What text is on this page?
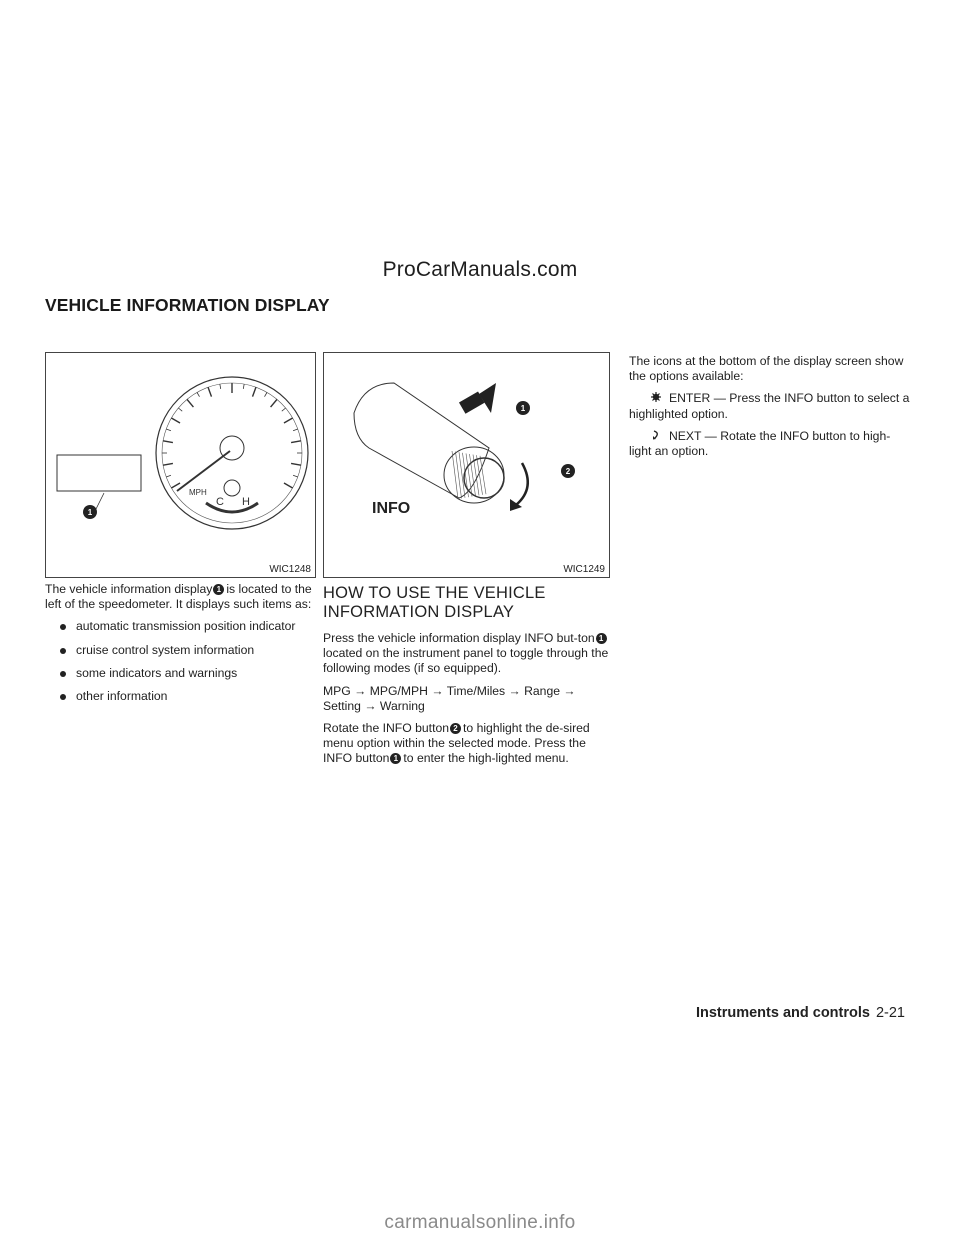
ProCarManuals.com
VEHICLE INFORMATION DISPLAY
1
MPH
C H
WIC1248
1
2
INFO
WIC1249

The vehicle information display 1 is located to the left of the speedometer. It displays such items as:

automatic transmission position indicator
cruise control system information
some indicators and warnings
other information
HOW TO USE THE VEHICLE INFORMATION DISPLAY

Press the vehicle information display INFO but-ton 1located on the instrument panel to toggle through the following modes (if so equipped).

MPG → MPG/MPH → Time/Miles → Range → Setting → Warning

Rotate the INFO button 2 to highlight the de-sired menu option within the selected mode. Press the INFO button 1 to enter the high-lighted menu.

The icons at the bottom of the display screen show the options available:

ENTER — Press the INFO button to select a highlighted option.

NEXT — Rotate the INFO button to high-light an option.

Instruments and controls 2-21
carmanualsonline.info
